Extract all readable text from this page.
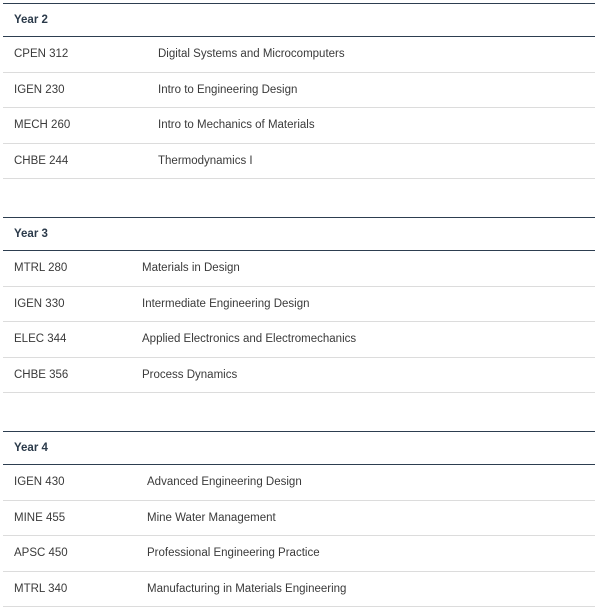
Year 2
CPEN 312	Digital Systems and Microcomputers
IGEN 230	Intro to Engineering Design
MECH 260	Intro to Mechanics of Materials
CHBE 244	Thermodynamics I
Year 3
MTRL 280	Materials in Design
IGEN 330	Intermediate Engineering Design
ELEC 344	Applied Electronics and Electromechanics
CHBE 356	Process Dynamics
Year 4
IGEN 430	Advanced Engineering Design
MINE 455	Mine Water Management
APSC 450	Professional Engineering Practice
MTRL 340	Manufacturing in Materials Engineering
